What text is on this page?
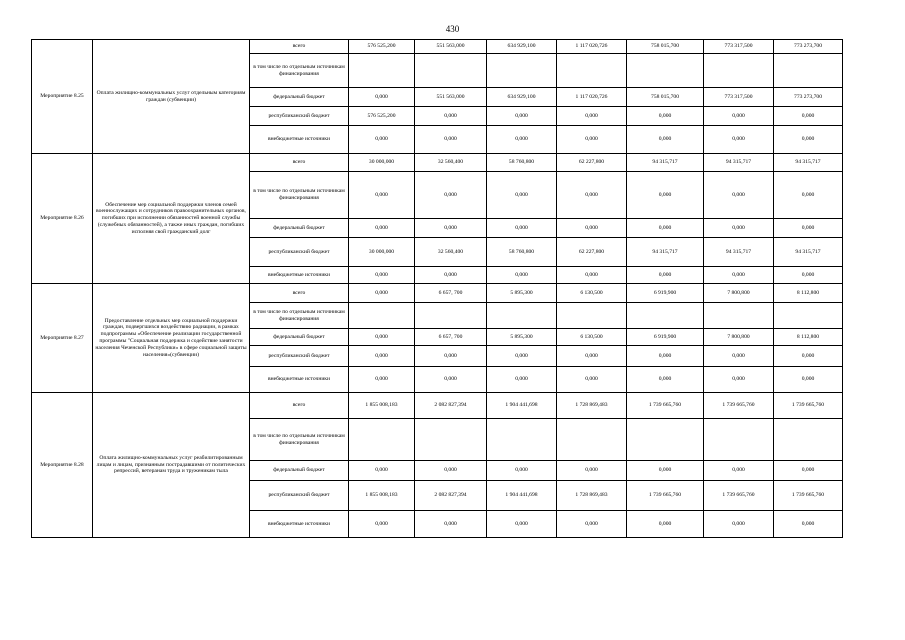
430
Мероприятие 8.25	Оплата жилищно-коммунальных услуг отдельным категориям граждан (субвенции)	всего	576 525,200	551 563,000	634 929,100	1 117 020,726	758 015,700	773 317,500	773 273,700
		в том числе по отдельным источникам финансирования							
		федеральный бюджет	0,000	551 563,000	634 929,100	1 117 020,726	758 015,700	773 317,500	773 273,700
		республиканский бюджет	576 525,200	0,000	0,000	0,000	0,000	0,000	0,000
		внебюджетные источники	0,000	0,000	0,000	0,000	0,000	0,000	0,000
Мероприятие 8.26	Обеспечение мер социальной поддержки членов семей военнослужащих и сотрудников правоохранительных органов, погибших при исполнении обязанностей военной службы (служебных обязанностей), а также иных граждан, погибших исполняя свой гражданский долг	всего	30 000,000	32 560,400	58 760,800	62 227,800	94 315,717	94 315,717	94 315,717
		в том числе по отдельным источникам финансирования	0,000	0,000	0,000	0,000	0,000	0,000	0,000
		федеральный бюджет	0,000	0,000	0,000	0,000	0,000	0,000	0,000
		республиканский бюджет	30 000,000	32 560,400	58 760,800	62 227,800	94 315,717	94 315,717	94 315,717
		внебюджетные источники	0,000	0,000	0,000	0,000	0,000	0,000	0,000
Мероприятие 8.27	Предоставление отдельных мер социальной поддержки граждан, подвергшихся воздействию радиации, в рамках подпрограммы «Обеспечение реализации государственной программы "Социальная поддержка и содействие занятости населения Чеченской Республики» в сфере социальной защиты населения»(субвенции)	всего	0,000	6 657, 700	5 895,300	6 130,500	6 919,900	7 800,800	8 112,800
		в том числе по отдельным источникам финансирования							
		федеральный бюджет	0,000	6 657, 700	5 895,300	6 130,500	6 919,900	7 800,800	8 112,800
		республиканский бюджет	0,000	0,000	0,000	0,000	0,000	0,000	0,000
		внебюджетные источники	0,000	0,000	0,000	0,000	0,000	0,000	0,000
Мероприятие 8.28	Оплата жилищно-коммунальных услуг реабилитированным лицам и лицам, признанным пострадавшими от политических репрессий, ветеранам труда и труженикам тыла	всего	1 855 008,183	2 082 827,394	1 904 441,698	1 728 869,483	1 739 665,760	1 739 665,760	1 739 665,760
		в том числе по отдельным источникам финансирования							
		федеральный бюджет	0,000	0,000	0,000	0,000	0,000	0,000	0,000
		республиканский бюджет	1 855 008,183	2 082 827,394	1 904 441,698	1 728 869,483	1 739 665,760	1 739 665,760	1 739 665,760
		внебюджетные источники	0,000	0,000	0,000	0,000	0,000	0,000	0,000
